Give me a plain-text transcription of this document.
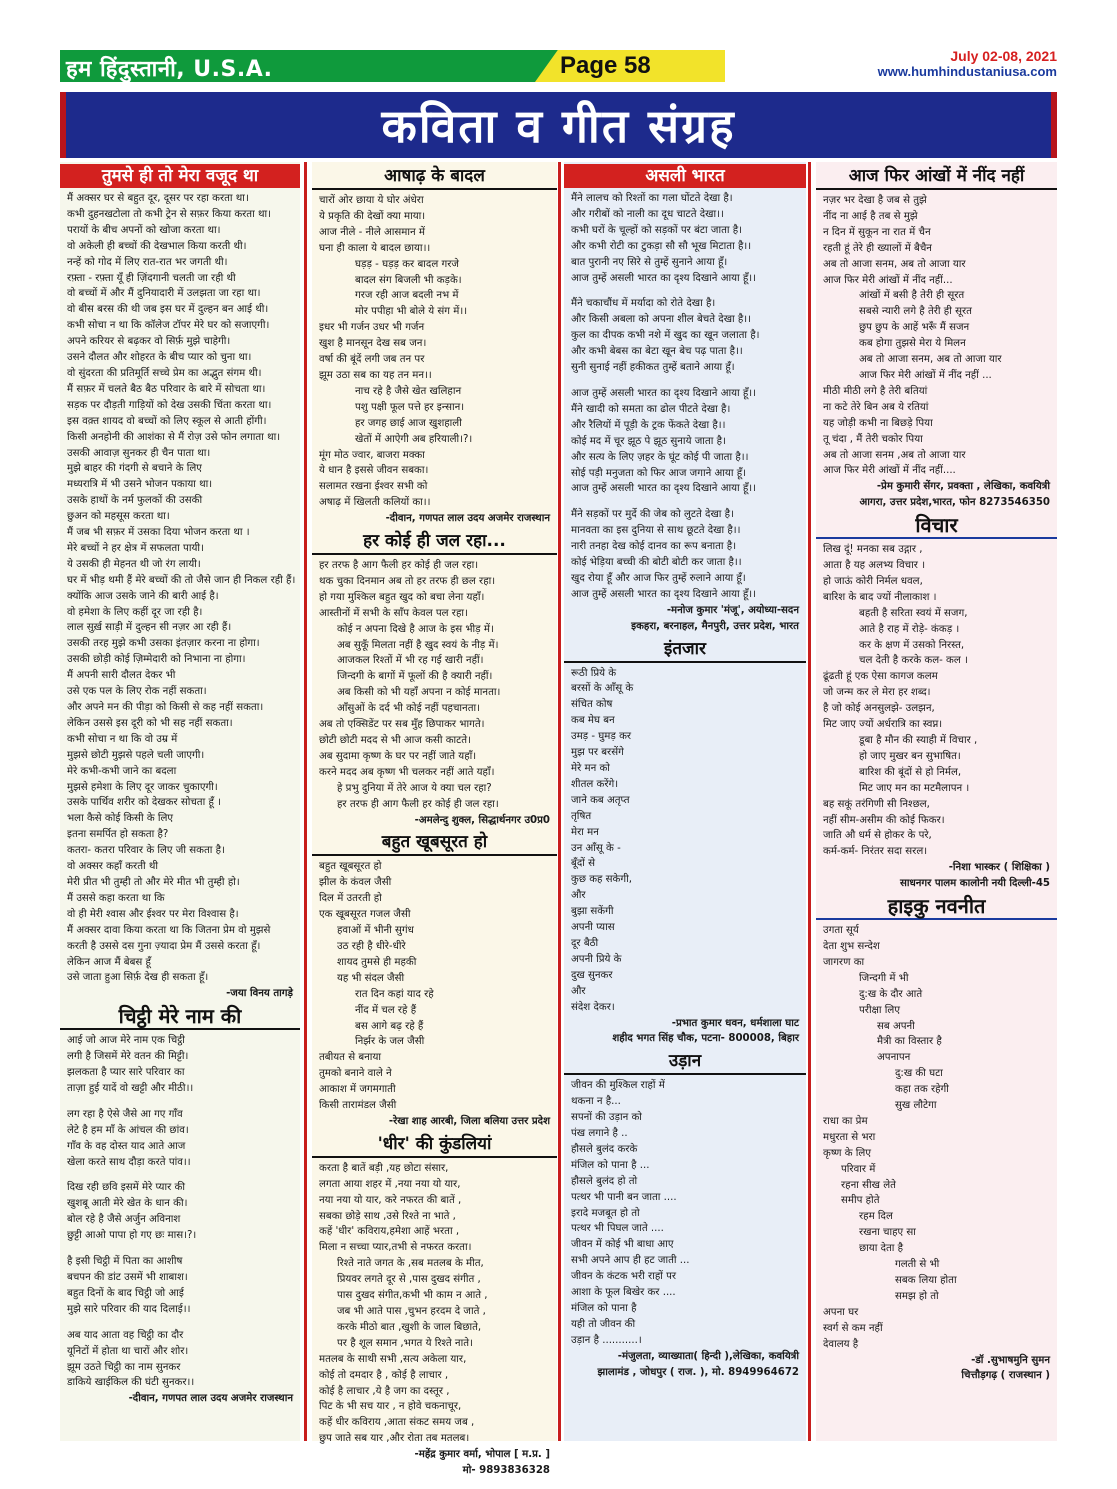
हम हिंदुस्तानी, U.S.A.	Page 58	July 02-08, 2021
www.humhindustaniusa.com
कविता व गीत संग्रह
तुमसे ही तो मेरा वजूद था
मैं अक्सर घर से बहुत दूर, दूसर पर रहा करता था।
कभी दुहनखटोला तो कभी ट्रेन से सफ़र किया करता था।
परायों के बीच अपनों को खोजा करता था।
वो अकेली ही बच्चों की देखभाल किया करती थी।
नन्हें को गोद में लिए रात-रात भर जगती थी।
रफ़्ता - रफ़्ता यूँ ही ज़िंदगानी चलती जा रही थी
वो बच्चों में और मैं दुनियादारी में उलझता जा रहा था।
वो बीस बरस की थी जब इस घर में दुल्हन बन आई थी।
कभी सोचा न था कि कॉलेज टॉपर मेरे घर को सजाएगी।
अपने करियर से बढ़कर वो सिर्फ़ मुझे चाहेगी।
उसने दौलत और शोहरत के बीच प्यार को चुना था।
वो सुंदरता की प्रतिमूर्ति सच्चे प्रेम का अद्भुत संगम थी।
मैं सफ़र में चलते बैठ बैठ परिवार के बारे में सोचता था।
सड़क पर दौड़ती गाड़ियों को देख उसकी चिंता करता था।
इस वक़्त शायद वो बच्चों को लिए स्कूल से आती होंगी।
किसी अनहोनी की आशंका से मैं रोज़ उसे फोन लगाता था।
उसकी आवाज़ सुनकर ही चैन पाता था।
मुझे बाहर की गंदगी से बचाने के लिए
मध्यरात्रि में भी उसने भोजन पकाया था।
उसके हाथों के नर्म फुलकों की उसकी
छुअन को महसूस करता था।
मैं जब भी सफ़र में उसका दिया भोजन करता था ।
मेरे बच्चों ने हर क्षेत्र में सफलता पायी।
ये उसकी ही मेहनत थी जो रंग लायी।
घर में भीड़ थमी हैं मेरे बच्चों की तो जैसे जान ही निकल रही हैं।
क्योंकि आज उसके जाने की बारी आई है।
वो हमेशा के लिए कहीं दूर जा रही है।
लाल सुर्ख़ साड़ी में दुल्हन सी नज़र आ रही हैं।
उसकी तरह मुझे कभी उसका इंतज़ार करना ना होगा।
उसकी छोड़ी कोई ज़िम्मेदारी को निभाना ना होगा।
मैं अपनी सारी दौलत देकर भी
उसे एक पल के लिए रोक नहीं सकता।
और अपने मन की पीड़ा को किसी से कह नहीं सकता।
लेकिन उससे इस दूरी को भी सह नहीं सकता।
कभी सोचा न था कि वो उम्र में
मुझसे छोटी मुझसे पहले चली जाएगी।
मेरे कभी-कभी जाने का बदला
मुझसे हमेशा के लिए दूर जाकर चुकाएगी।
उसके पार्थिव शरीर को देखकर सोचता हूँ ।
भला कैसे कोई किसी के लिए
इतना समर्पित हो सकता है?
कतरा- कतरा परिवार के लिए जी सकता है।
वो अक्सर कहाँ करती थी
मेरी प्रीत भी तुम्ही तो और मेरे मीत भी तुम्ही हो।
मैं उससे कहा करता था कि
वो ही मेरी श्वास और ईश्वर पर मेरा विश्वास है।
मैं अक्सर दावा किया करता था कि जितना प्रेम वो मुझसे
करती है उससे दस गुना ज़्यादा प्रेम मैं उससे करता हूँ।
लेकिन आज मैं बेबस हूँ
उसे जाता हुआ सिर्फ़ देख ही सकता हूँ।
-जया विनय तागड़े
चिट्ठी मेरे नाम की
आई जो आज मेरे नाम एक चिट्ठी
लगी है जिसमें मेरे वतन की मिट्टी।
झलकता है प्यार सारे परिवार का
ताज़ा हुई यादें वो खट्टी और मीठी।।
लग रहा है ऐसे जैसे आ गए गाँव
लेटे है हम माँ के आंचल की छांव।
गाँव के वह दोस्त याद आते आज
खेला करते साथ दौड़ा करते पांव।।
दिख रही छवि इसमें मेरे प्यार की
खुशबू आती मेरे खेत के धान की।
बोल रहे है जैसे अर्जुन अविनाश
छुट्टी आओ पापा हो गए छः मास।?।
है इसी चिट्ठी में पिता का आशीष
बचपन की डांट उसमें भी शाबाश।
बहुत दिनों के बाद चिट्ठी जो आई
मुझे सारे परिवार की याद दिलाई।।
अब याद आता वह चिट्ठी का दौर
यूनिटों में होता था चारों और शोर।
झूम उठते चिट्ठी का नाम सुनकर
डाकिये खाईकिल की घंटी सुनकर।।
-दीवान, गणपत लाल उदय अजमेर राजस्थान
आषाढ़ के बादल
चारों ओर छाया ये घोर अंधेरा
ये प्रकृति की देखों क्या माया।
आज नीले - नीले आसमान में
घना ही काला ये बादल छाया।।
घड़ड़ - घड़ड़ कर बादल गरजे
बादल संग बिजली भी कड़के।
गरज रही आज बदली नभ में
मोर पपीहा भी बोले ये संग में।।
इधर भी गर्जन उधर भी गर्जन
खुश है मानसून देख सब जन।
वर्षा की बूंदें लगी जब तन पर
झूम उठा सब का यह तन मन।।
नाच रहे है जैसे खेत खलिहान
पशु पक्षी फूल पत्ते हर इन्सान।
हर जगह छाई आज खुशहाली
खेतों में आऐगी अब हरियाली।?।
मूंग मोठ ज्वार, बाजरा मक्का
ये धान है इससे जीवन सबका।
सलामत रखना ईश्वर सभी को
अषाढ़ में खिलती कलियों का।।
-दीवान, गणपत लाल उदय अजमेर राजस्थान
हर कोई ही जल रहा...
हर तरफ है आग फैली हर कोई ही जल रहा।
थक चुका दिनमान अब तो हर तरफ ही छल रहा।
हो गया मुश्किल बहुत खुद को बचा लेना यहाँ।
आस्तीनों में सभी के साँप केवल पल रहा।
कोई न अपना दिखे है आज के इस भीड़ में।
अब सुकूँ मिलता नहीं है खुद स्वयं के नीड़ में।
आजकल रिश्तों में भी रह गई खारी नहीं।
जिन्दगी के बागों में फूलों की है क्यारी नहीं।
अब किसी को भी यहाँ अपना न कोई मानता।
आँसुओं के दर्द भी कोई नहीं पहचानता।
अब तो एक्सिडेंट पर सब मुँह छिपाकर भागते।
छोटी छोटी मदद से भी आज कसी काटते।
अब सुदामा कृष्ण के घर पर नहीं जाते यहाँ।
करने मदद अब कृष्ण भी चलकर नहीं आते यहाँ।
हे प्रभु दुनिया में तेरे आज ये क्या चल रहा?
हर तरफ ही आग फैली हर कोई ही जल रहा।
-अमलेन्दु शुक्ल, सिद्धार्थनगर उ0प्र0
बहुत खूबसूरत हो
बहुत खूबसूरत हो
झील के कंवल जैसी
दिल में उतरती हो
एक खूबसूरत गजल जैसी
हवाओं में भीनी सुगंध
उठ रही है धीरे-धीरे
शायद तुमसे ही महकी
यह भी संदल जैसी
रात दिन कहां याद रहे
नींद में चल रहे हैं
बस आगे बढ़ रहे हैं
निर्झर के जल जैसी
तबीयत से बनाया
तुमको बनाने वाले ने
आकाश में जगमगाती
किसी तारामंडल जैसी
-रेखा शाह आरबी, जिला बलिया उत्तर प्रदेश
'धीर' की कुंडलियां
करता है बातें बड़ी ,यह छोटा संसार,
लगता आया शहर में ,नया नया यो यार,
नया नया यो यार, करे नफरत की बातें ,
सबका छोड़े साथ ,उसे रिश्ते ना भाते ,
कहें 'धीर' कविराय,हमेशा आहें भरता ,
मिला न सच्चा प्यार,तभी से नफरत करता।
रिश्ते नाते जगत के ,सब मतलब के मीत,
प्रियवर लगते दूर से ,पास दुखद संगीत ,
पास दुखद संगीत,कभी भी काम न आते ,
जब भी आते पास ,चुभन हरदम दे जाते ,
करके मीठो बात ,खुशी के जाल बिछाते,
पर है शूल समान ,भगत ये रिश्ते नाते।
मतलब के साथी सभी ,सत्य अकेला यार,
कोई तो दमदार है , कोई है लाचार ,
कोई है लाचार ,ये है जग का दस्तूर ,
पिट के भी सच यार , न होवे चकनाचूर,
कहें धीर कविराय ,आता संकट समय जब ,
छुप जाते सब यार ,और रोता तब मतलब।
-महेंद्र कुमार वर्मा, भोपाल [ म.प्र. ]
मो- 9893836328
असली भारत
मैंने लालच को रिश्तों का गला घोंटते देखा है।
और गरीबों को नाली का दूध चाटते देखा।।
कभी घरों के चूल्हों को सड़कों पर बंटा जाता है।
और कभी रोटी का टुकड़ा सौ सौ भूख मिटाता है।।
बात पुरानी नए सिरे से तुम्हें सुनाने आया हूँ।
आज तुम्हें असली भारत का दृश्य दिखाने आया हूँ।।
मैंने चकाचौंध में मर्यादा को रोते देखा है।
और किसी अबला को अपना शील बेचते देखा है।।
कुल का दीपक कभी नशे में खुद का खून जलाता है।
और कभी बेबस का बेटा खून बेच पढ़ पाता है।।
सुनी सुनाई नहीं हकीकत तुम्हें बताने आया हूँ।
आज तुम्हें असली भारत का दृश्य दिखाने आया हूँ।।
मैंने खादी को समता का ढोल पीटते देखा है।
और रैलियों में पूड़ी के ट्रक फेंकते देखा है।।
कोई मद में चूर झूठ पे झूठ सुनाये जाता है।
और सत्य के लिए ज़हर के घूंट कोई पी जाता है।।
सोई पड़ी मनुजता को फिर आज जगाने आया हूँ।
आज तुम्हें असली भारत का दृश्य दिखाने आया हूँ।।
मैंने सड़कों पर मुर्दे की जेब को लुटते देखा है।
मानवता का इस दुनिया से साथ छूटते देखा है।।
नारी तनहा देख कोई दानव का रूप बनाता है।
कोई भेड़िया बच्ची की बोटी बोटी कर जाता है।।
खुद रोया हूँ और आज फिर तुम्हें रुलाने आया हूँ।
आज तुम्हें असली भारत का दृश्य दिखाने आया हूँ।।
-मनोज कुमार 'मंजू', अयोध्या-सदन
इकहरा, बरनाहल, मैनपुरी, उत्तर प्रदेश, भारत
इंतजार
रूठी प्रिये के
बरसों के आँसू के
संचित कोष
कब मेघ बन
उमड़ - घुमड़ कर
मुझ पर बरसेंगे
मेरे मन को
शीतल करेंगे।
जाने कब अतृप्त
तृषित
मेरा मन
उन आँसू के -
बूँदों से
कुछ कह सकेगी,
और
बुझा सकेंगी
अपनी प्यास
दूर बैठी
अपनी प्रिये के
दुख सुनकर
और
संदेश देकर।
-प्रभात कुमार धवन, धर्मशाला घाट
शहीद भगत सिंह चौक, पटना- 800008, बिहार
उड़ान
जीवन की मुश्किल राहों में
थकना न है...
सपनों की उड़ान को
पंख लगाने है ..
हौसले बुलंद करके
मंजिल को पाना है ...
हौसले बुलंद हो तो
पत्थर भी पानी बन जाता ....
इरादे मजबूत हो तो
पत्थर भी पिघल जाते ....
जीवन में कोई भी बाधा आए
सभी अपने आप ही हट जाती ...
जीवन के कंटक भरी राहों पर
आशा के फूल बिखेर कर ....
मंजिल को पाना है
यही तो जीवन की
उड़ान है ...........।
-मंजुलता, व्याख्याता( हिन्दी ),लेखिका, कवयित्री
झालामंड , जोधपुर ( राज. ), मो. 8949964672
आज फिर आंखों में नींद नहीं
नज़र भर देखा है जब से तुझे
नींद ना आई है तब से मुझे
न दिन में सुकून ना रात में चैन
रहती हूं तेरे ही ख्यालों में बैचैन
अब तो आजा सनम, अब तो आजा यार
आज फिर मेरी आंखों में नींद नहीं...
आंखों में बसी है तेरी ही सूरत
सबसे न्यारी लगे है तेरी ही सूरत
छुप छुप के आहें भरूँ मैं सजन
कब होगा तुझसे मेरा ये मिलन
अब तो आजा सनम, अब तो आजा यार
आज फिर मेरी आंखों में नींद नहीं ...
मीठी मीठी लगे है तेरी बतियां
ना कटे तेरे बिन अब ये रतियां
यह जोड़ी कभी ना बिछड़े पिया
तू चंदा , मैं तेरी चकोर पिया
अब तो आजा सनम ,अब तो आजा यार
आज फिर मेरी आंखों में नींद नहीं....
-प्रेम कुमारी सेंगर, प्रवक्ता , लेखिका, कवयित्री
आगरा, उत्तर प्रदेश,भारत, फोन 8273546350
विचार
लिख दूं! मनका सब उद्गार ,
आता है यह अलभ्य विचार ।
हो जाऊं कोरी निर्मल धवल,
बारिश के बाद ज्यों नीलाकाश ।
बहती है सरिता स्वयं में सजग,
आते है राह में रोड़े- कंकड़ ।
कर के क्षण में उसको निरस्त,
चल देती है करके कल- कल ।
ढूंढती हूं एक ऐसा कागज कलम
जो जन्म कर ले मेरा हर शब्द।
है जो कोई अनसुलझे- उलझन,
मिट जाए ज्यों अर्धरात्रि का स्वप्न।
डूबा है मौन की स्याही में विचार ,
हो जाए मुखर बन सुभाषित।
बारिश की बूंदों से हो निर्मल,
मिट जाए मन का मटमैलापन ।
बह सकूं तरंगिणी सी निश्छल,
नहीं सीम-असीम की कोई फिकर।
जाति औ धर्म से होकर के परे,
कर्म-कर्म- निरंतर सदा सरल।
-निशा भास्कर ( शिक्षिका )
साधनगर पालम कालोनी नयी दिल्ली-45
हाइकु नवनीत
उगता सूर्य
देता शुभ सन्देश
जागरण का
जिन्दगी में भी
दु:ख के दौर आते
परीक्षा लिए
सब अपनी
मैत्री का विस्तार है
अपनापन
दु:ख की घटा
कहा तक रहेगी
सुख लौटेगा
राधा का प्रेम
मधुरता से भरा
कृष्ण के लिए
परिवार में
रहना सीख लेते
समीप होते
रहम दिल
रखना चाहए सा
छाया देता है
गलती से भी
सबक लिया होता
समझ हो तो
अपना घर
स्वर्ग से कम नहीं
देवालय है
-डॉ .सुभाषमुनि सुमन
चित्तौड़गढ़ ( राजस्थान )
